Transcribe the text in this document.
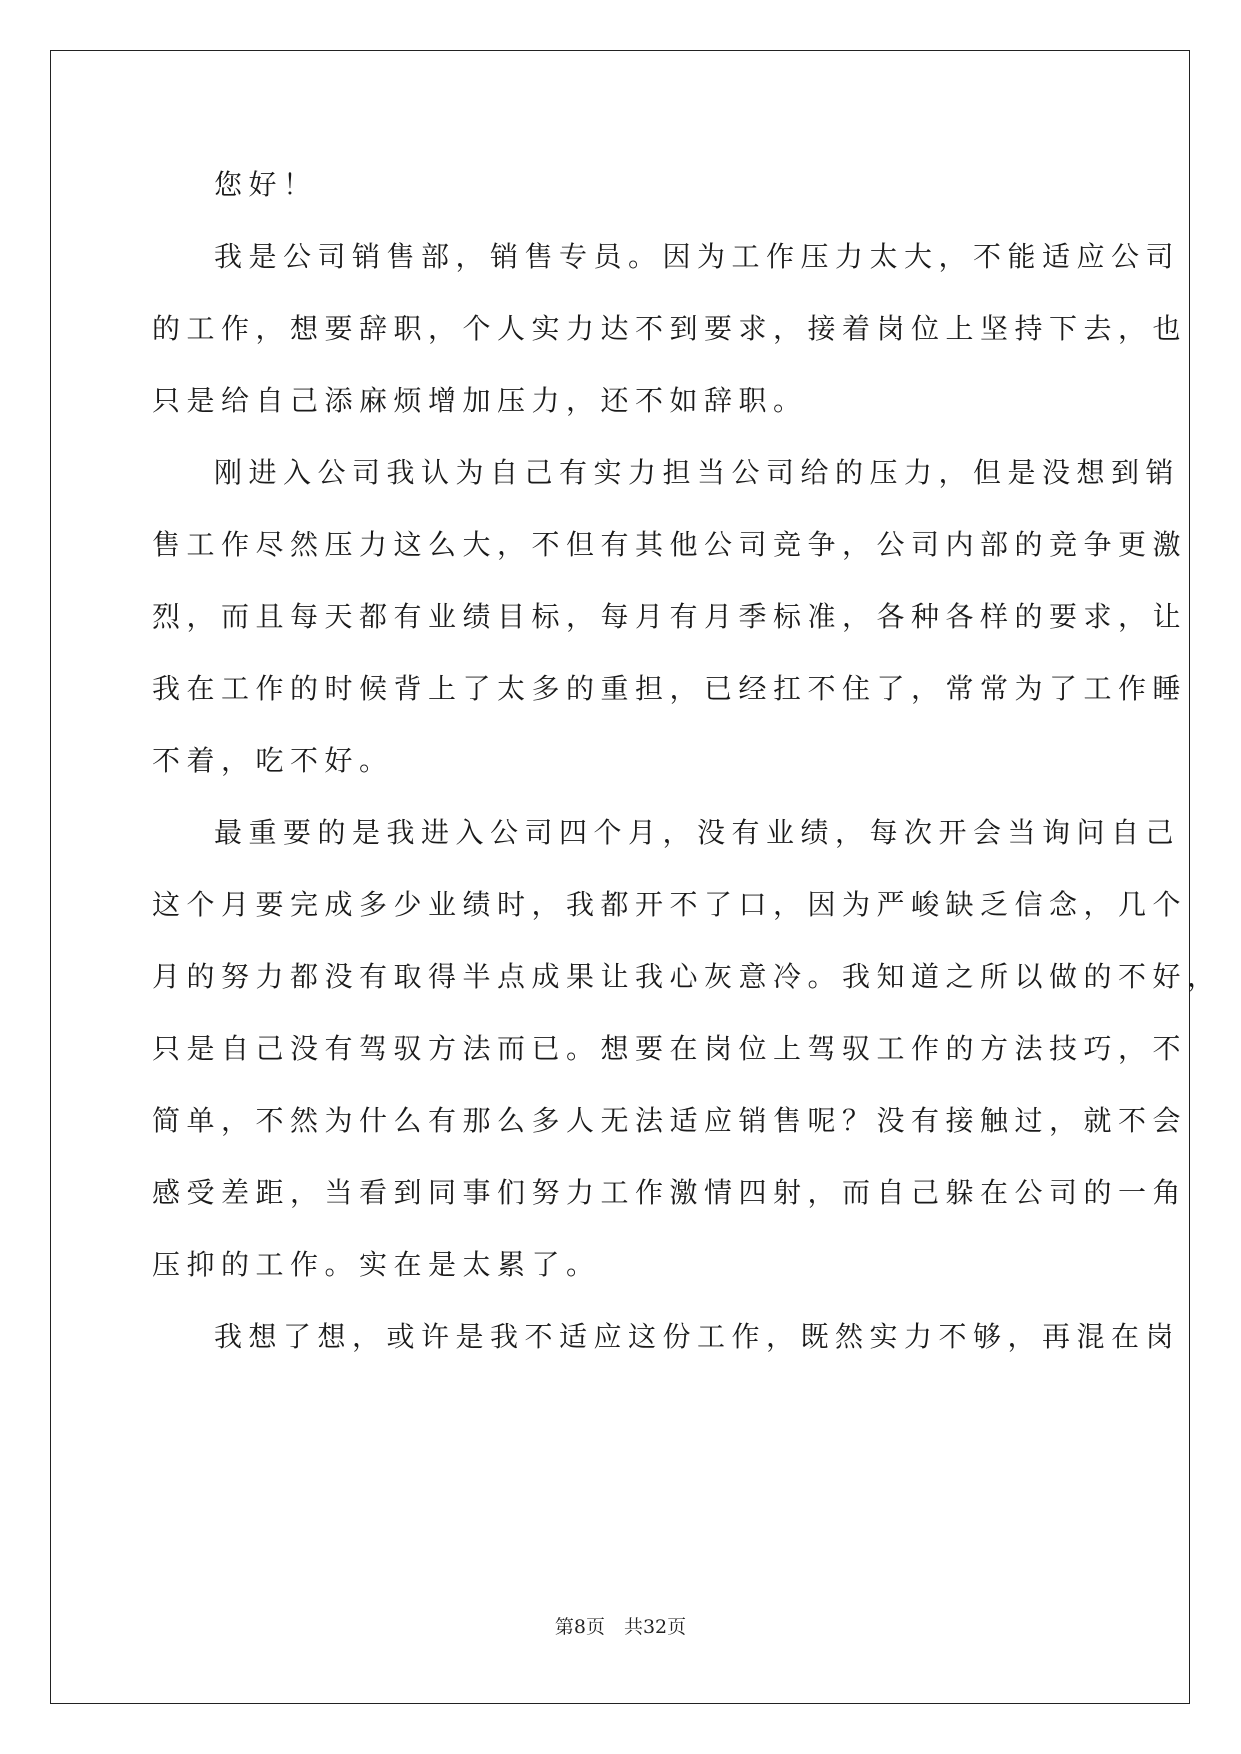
您好！
我是公司销售部，销售专员。因为工作压力太大，不能适应公司
的工作，想要辞职，个人实力达不到要求，接着岗位上坚持下去，也
只是给自己添麻烦增加压力，还不如辞职。
刚进入公司我认为自己有实力担当公司给的压力，但是没想到销
售工作尽然压力这么大，不但有其他公司竞争，公司内部的竞争更激
烈，而且每天都有业绩目标，每月有月季标准，各种各样的要求，让
我在工作的时候背上了太多的重担，已经扛不住了，常常为了工作睡
不着，吃不好。
最重要的是我进入公司四个月，没有业绩，每次开会当询问自己
这个月要完成多少业绩时，我都开不了口，因为严峻缺乏信念，几个
月的努力都没有取得半点成果让我心灰意冷。我知道之所以做的不好，
只是自己没有驾驭方法而已。想要在岗位上驾驭工作的方法技巧，不
简单，不然为什么有那么多人无法适应销售呢？没有接触过，就不会
感受差距，当看到同事们努力工作激情四射，而自己躲在公司的一角
压抑的工作。实在是太累了。
我想了想，或许是我不适应这份工作，既然实力不够，再混在岗
第8页　共32页
